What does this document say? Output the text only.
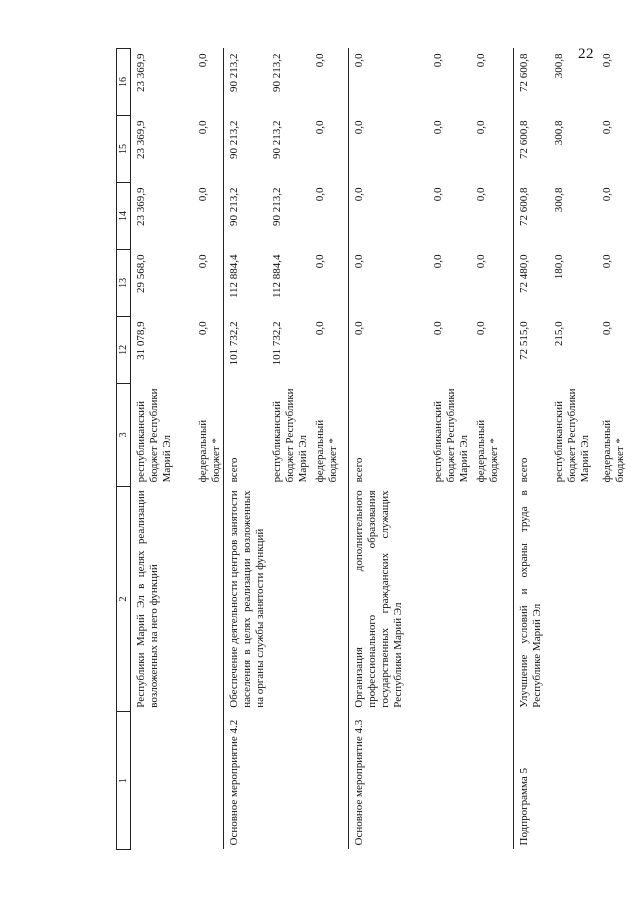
22
1	2	3	12	13	14	15	16
	Республики Марий Эл в целях реализации возложенных на него функций	республиканский бюджет Республики Марий Эл	31 078,9	29 568,0	23 369,9	23 369,9	23 369,9
		федеральный бюджет *	0,0	0,0	0,0	0,0	0,0
Основное мероприятие 4.2	Обеспечение деятельности центров занятости населения в целях реализации возложенных на органы службы занятости функций	всего	101 732,2	112 884,4	90 213,2	90 213,2	90 213,2
		республиканский бюджет Республики Марий Эл	101 732,2	112 884,4	90 213,2	90 213,2	90 213,2
		федеральный бюджет *	0,0	0,0	0,0	0,0	0,0
Основное мероприятие 4.3	Организация дополнительного профессионального образования государственных гражданских служащих Республики Марий Эл	всего	0,0	0,0	0,0	0,0	0,0
		республиканский бюджет Республики Марий Эл	0,0	0,0	0,0	0,0	0,0
		федеральный бюджет *	0,0	0,0	0,0	0,0	0,0
Подпрограмма 5	Улучшение условий и охраны труда в Республике Марий Эл	всего	72 515,0	72 480,0	72 600,8	72 600,8	72 600,8
		республиканский бюджет Республики Марий Эл	215,0	180,0	300,8	300,8	300,8
		федеральный бюджет *	0,0	0,0	0,0	0,0	0,0
